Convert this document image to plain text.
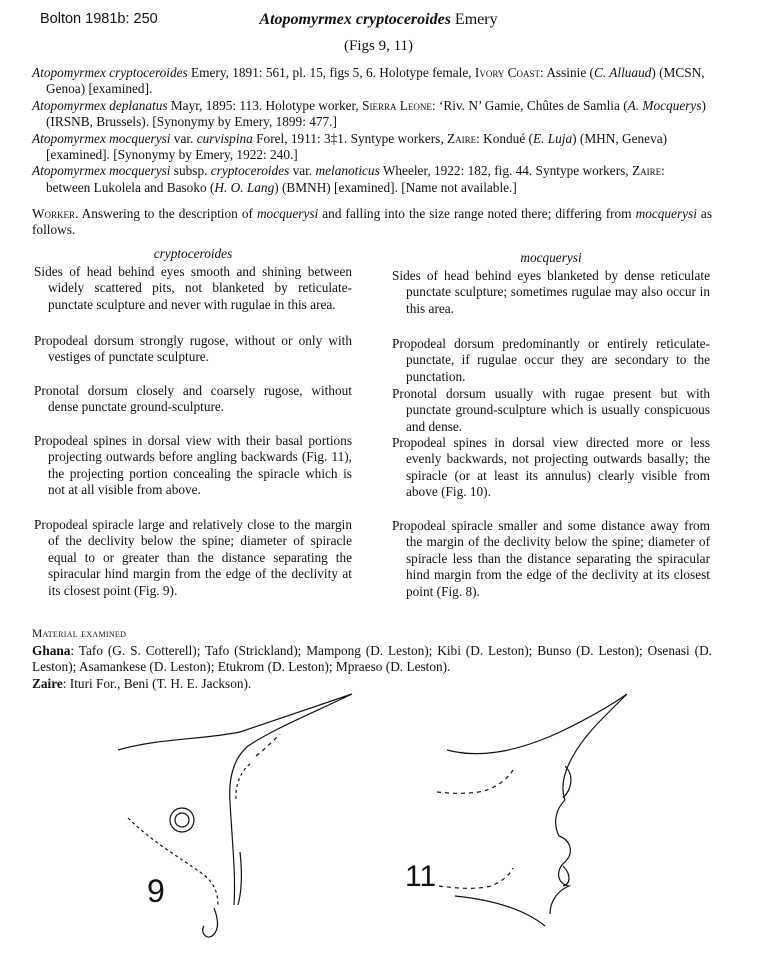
Bolton 1981b: 250	Atopomyrmex cryptoceroides Emery
(Figs 9, 11)

Atopomyrmex cryptoceroides Emery, 1891: 561, pl. 15, figs 5, 6. Holotype female, Ivory Coast: Assinie (C. Alluaud) (MCSN, Genoa) [examined].

Atopomyrmex deplanatus Mayr, 1895: 113. Holotype worker, Sierra Leone: ‘Riv. N’ Gamie, Chûtes de Samlia (A. Mocquerys) (IRSNB, Brussels). [Synonymy by Emery, 1899: 477.]

Atopomyrmex mocquerysi var. curvispina Forel, 1911: 3‡1. Syntype workers, Zaire: Kondué (E. Luja) (MHN, Geneva) [examined]. [Synonymy by Emery, 1922: 240.]

Atopomyrmex mocquerysi subsp. cryptoceroides var. melanoticus Wheeler, 1922: 182, fig. 44. Syntype workers, Zaire: between Lukolela and Basoko (H. O. Lang) (BMNH) [examined]. [Name not available.]

Worker. Answering to the description of mocquerysi and falling into the size range noted there; differing from mocquerysi as follows.
cryptoceroides
Sides of head behind eyes smooth and shining between widely scattered pits, not blanketed by reticulate-punctate sculpture and never with rugulae in this area.
Propodeal dorsum strongly rugose, without or only with vestiges of punctate sculpture.
Pronotal dorsum closely and coarsely rugose, without dense punctate ground-sculpture.
Propodeal spines in dorsal view with their basal portions projecting outwards before angling backwards (Fig. 11), the projecting portion concealing the spiracle which is not at all visible from above.
Propodeal spiracle large and relatively close to the margin of the declivity below the spine; diameter of spiracle equal to or greater than the distance separating the spiracular hind margin from the edge of the declivity at its closest point (Fig. 9).
mocquerysi
Sides of head behind eyes blanketed by dense reticulate punctate sculpture; sometimes rugulae may also occur in this area.
Propodeal dorsum predominantly or entirely reticulate-punctate, if rugulae occur they are secondary to the punctation.
Pronotal dorsum usually with rugae present but with punctate ground-sculpture which is usually conspicuous and dense.
Propodeal spines in dorsal view directed more or less evenly backwards, not projecting outwards basally; the spiracle (or at least its annulus) clearly visible from above (Fig. 10).
Propodeal spiracle smaller and some distance away from the margin of the declivity below the spine; diameter of spiracle less than the distance separating the spiracular hind margin from the edge of the declivity at its closest point (Fig. 8).
Material examined
Ghana: Tafo (G. S. Cotterell); Tafo (Strickland); Mampong (D. Leston); Kibi (D. Leston); Bunso (D. Leston); Osenasi (D. Leston); Asamankese (D. Leston); Etukrom (D. Leston); Mpraeso (D. Leston).
Zaire: Ituri For., Beni (T. H. E. Jackson).
9	11
